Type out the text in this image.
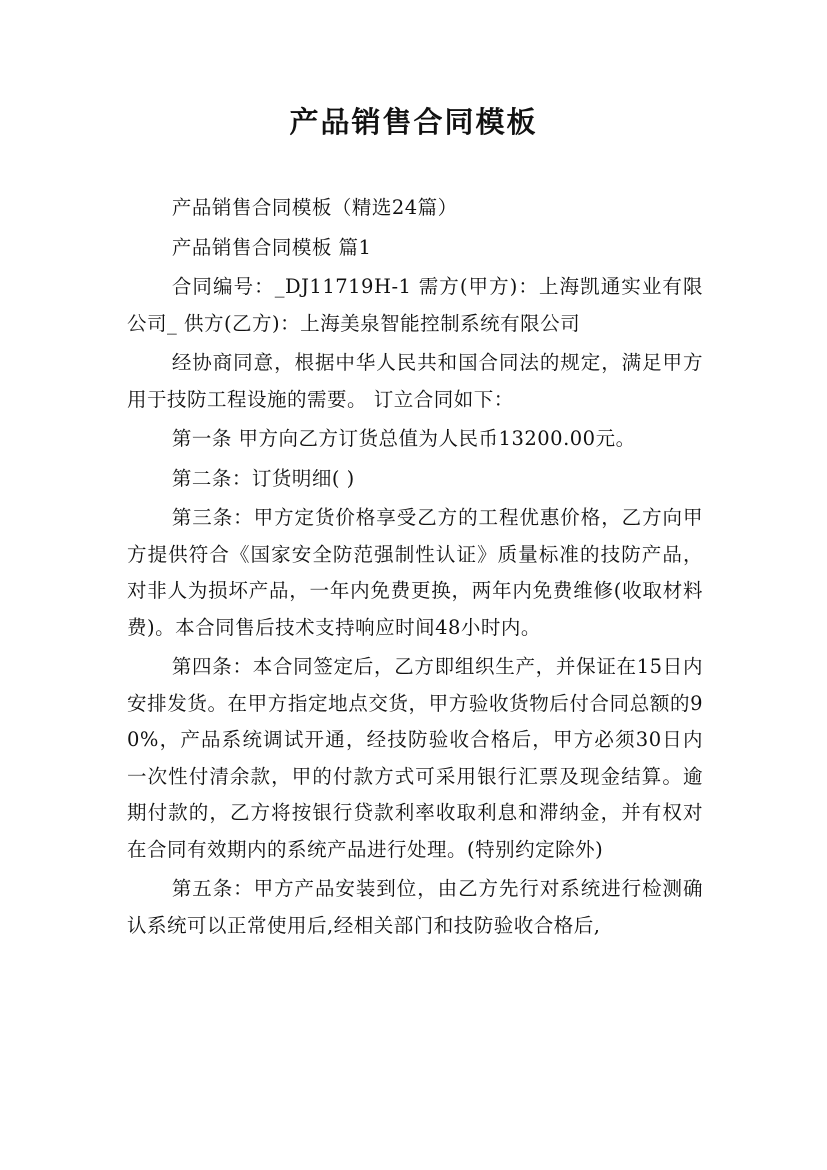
产品销售合同模板

产品销售合同模板（精选24篇）

产品销售合同模板 篇1

合同编号：_DJ11719H-1 需方(甲方)：上海凯通实业有限公司_ 供方(乙方)：上海美泉智能控制系统有限公司

经协商同意，根据中华人民共和国合同法的规定，满足甲方用于技防工程设施的需要。 订立合同如下：

第一条 甲方向乙方订货总值为人民币13200.00元。

第二条：订货明细( )

第三条：甲方定货价格享受乙方的工程优惠价格，乙方向甲方提供符合《国家安全防范强制性认证》质量标准的技防产品，对非人为损坏产品，一年内免费更换，两年内免费维修(收取材料费)。本合同售后技术支持响应时间48小时内。

第四条：本合同签定后，乙方即组织生产，并保证在15日内安排发货。在甲方指定地点交货，甲方验收货物后付合同总额的90%，产品系统调试开通，经技防验收合格后，甲方必须30日内一次性付清余款，甲的付款方式可采用银行汇票及现金结算。逾期付款的，乙方将按银行贷款利率收取利息和滞纳金，并有权对在合同有效期内的系统产品进行处理。(特别约定除外)

第五条：甲方产品安装到位，由乙方先行对系统进行检测确认系统可以正常使用后,经相关部门和技防验收合格后,
